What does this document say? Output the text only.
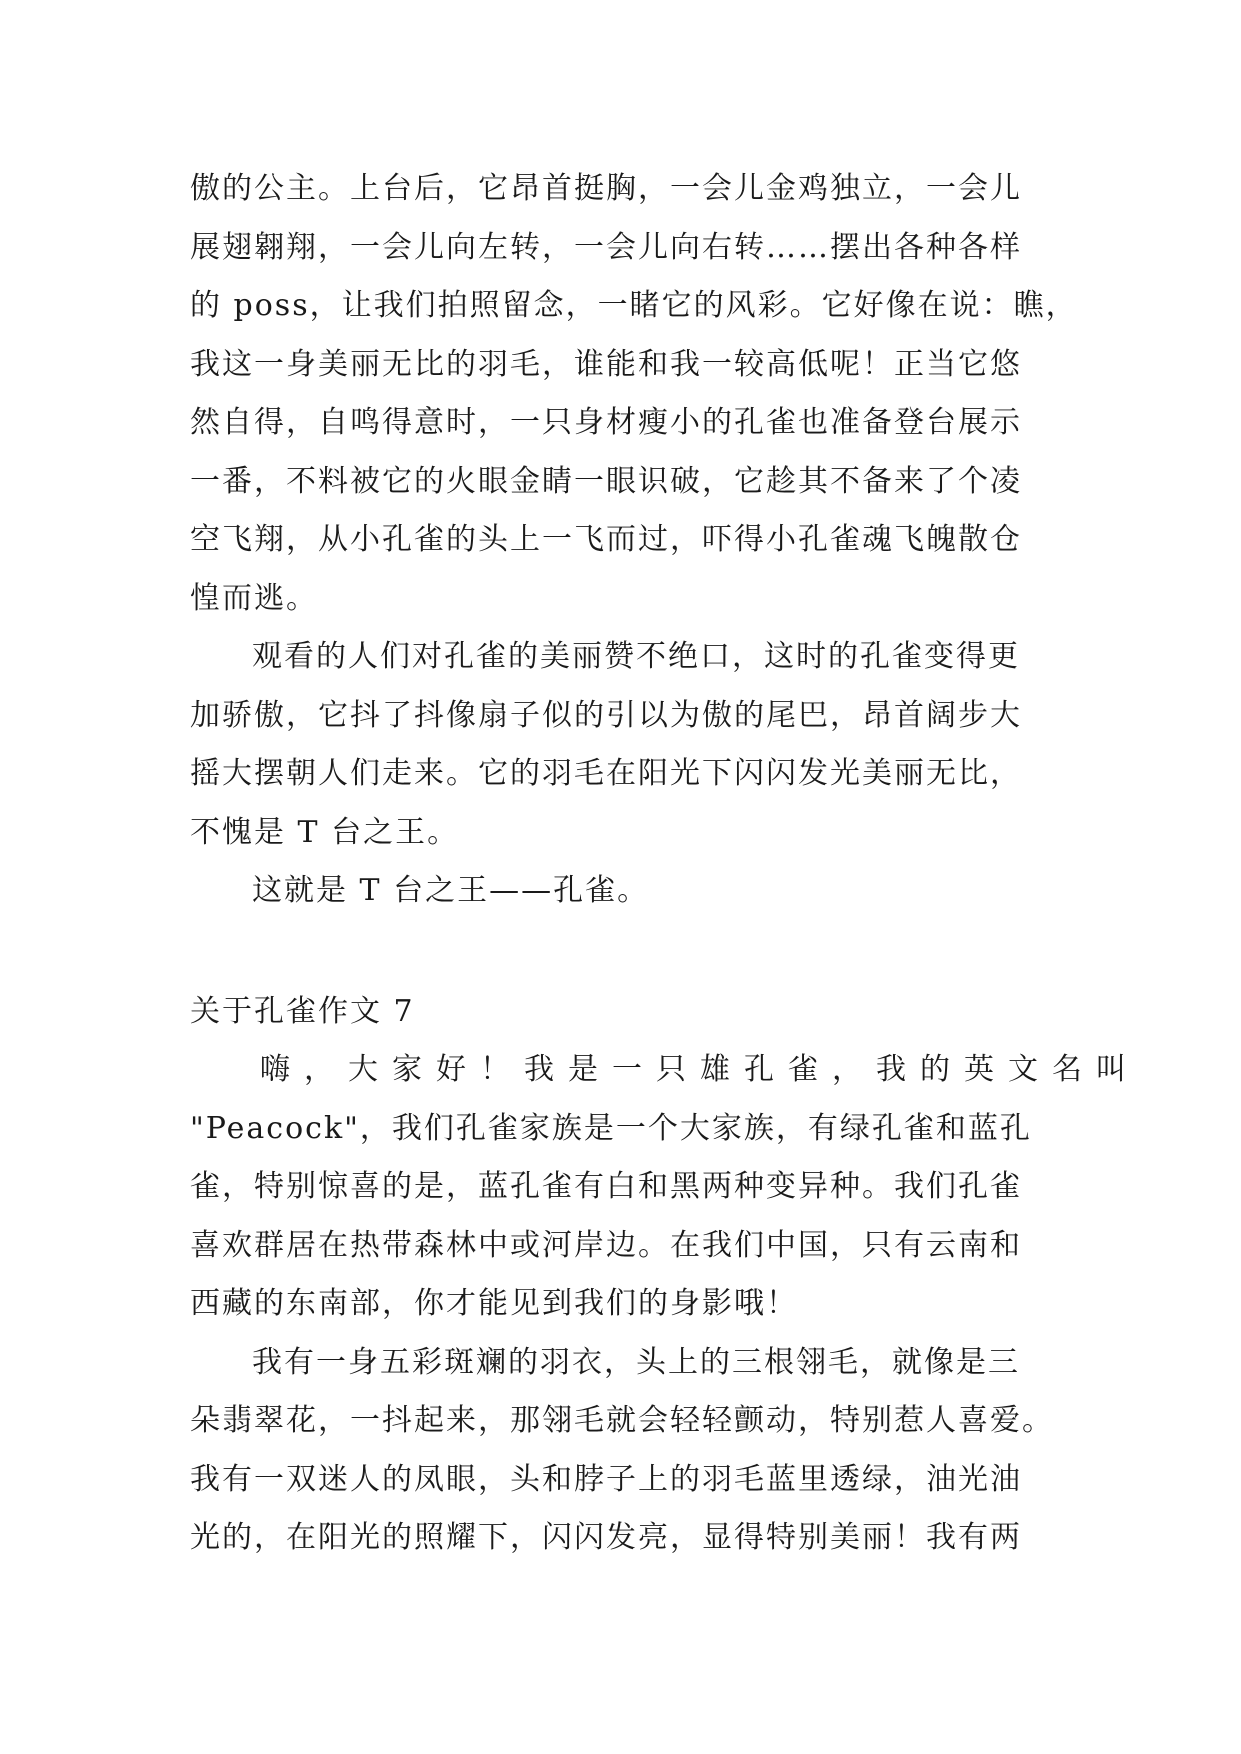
傲的公主。上台后，它昂首挺胸，一会儿金鸡独立，一会儿
展翅翱翔，一会儿向左转，一会儿向右转……摆出各种各样
的 poss，让我们拍照留念，一睹它的风彩。它好像在说：瞧，
我这一身美丽无比的羽毛，谁能和我一较高低呢！正当它悠
然自得，自鸣得意时，一只身材瘦小的孔雀也准备登台展示
一番，不料被它的火眼金睛一眼识破，它趁其不备来了个凌
空飞翔，从小孔雀的头上一飞而过，吓得小孔雀魂飞魄散仓
惶而逃。
观看的人们对孔雀的美丽赞不绝口，这时的孔雀变得更
加骄傲，它抖了抖像扇子似的引以为傲的尾巴，昂首阔步大
摇大摆朝人们走来。它的羽毛在阳光下闪闪发光美丽无比，
不愧是 T 台之王。
这就是 T 台之王——孔雀。
关于孔雀作文 7
嗨，大家好！我是一只雄孔雀，我的英文名叫
"Peacock"，我们孔雀家族是一个大家族，有绿孔雀和蓝孔
雀，特别惊喜的是，蓝孔雀有白和黑两种变异种。我们孔雀
喜欢群居在热带森林中或河岸边。在我们中国，只有云南和
西藏的东南部，你才能见到我们的身影哦！
我有一身五彩斑斓的羽衣，头上的三根翎毛，就像是三
朵翡翠花，一抖起来，那翎毛就会轻轻颤动，特别惹人喜爱。
我有一双迷人的凤眼，头和脖子上的羽毛蓝里透绿，油光油
光的，在阳光的照耀下，闪闪发亮，显得特别美丽！我有两
